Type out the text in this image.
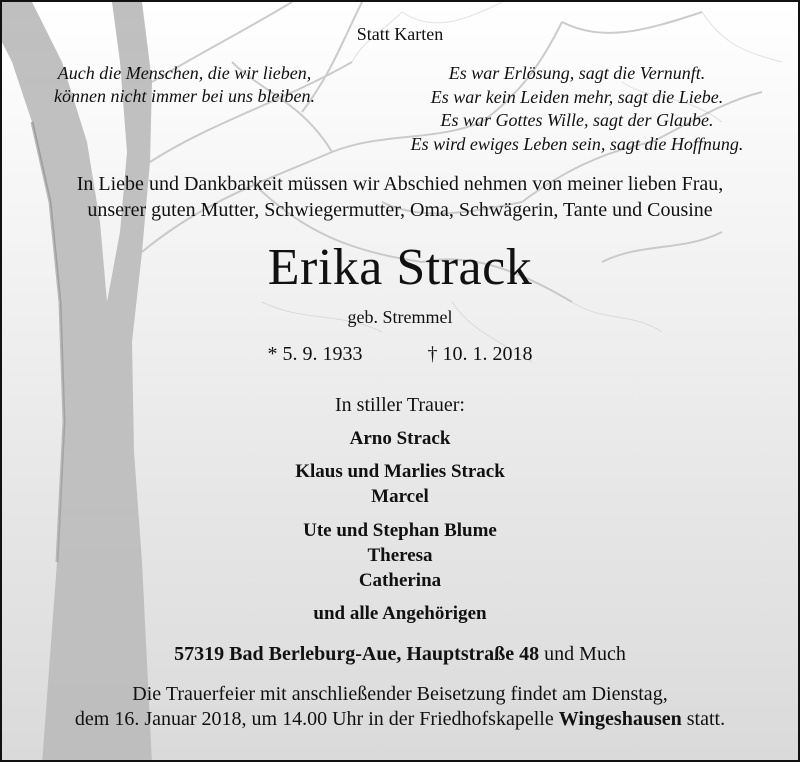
Statt Karten
Auch die Menschen, die wir lieben,
können nicht immer bei uns bleiben.
Es war Erlösung, sagt die Vernunft.
Es war kein Leiden mehr, sagt die Liebe.
Es war Gottes Wille, sagt der Glaube.
Es wird ewiges Leben sein, sagt die Hoffnung.
In Liebe und Dankbarkeit müssen wir Abschied nehmen von meiner lieben Frau,
unserer guten Mutter, Schwiegermutter, Oma, Schwägerin, Tante und Cousine
Erika Strack
geb. Stremmel
* 5. 9. 1933	† 10. 1. 2018
In stiller Trauer:
Arno Strack
Klaus und Marlies Strack
Marcel
Ute und Stephan Blume
Theresa
Catherina
und alle Angehörigen
57319 Bad Berleburg-Aue, Hauptstraße 48 und Much
Die Trauerfeier mit anschließender Beisetzung findet am Dienstag,
dem 16. Januar 2018, um 14.00 Uhr in der Friedhofskapelle Wingeshausen statt.
